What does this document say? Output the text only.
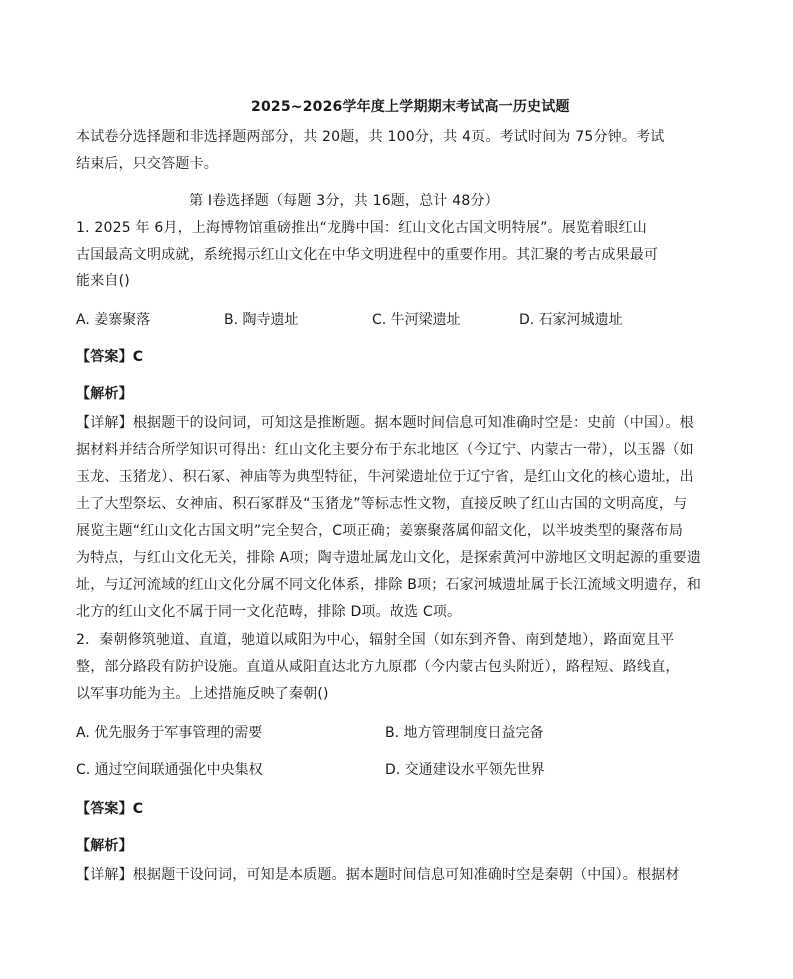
2025~2026学年度上学期期末考试高一历史试题
本试卷分选择题和非选择题两部分，共 20题，共 100分，共 4页。考试时间为 75分钟。考试
结束后，只交答题卡。
第 I卷选择题（每题 3分，共 16题，总计 48分）
1. 2025 年 6月，上海博物馆重磅推出“龙腾中国：红山文化古国文明特展”。展览着眼红山
古国最高文明成就，系统揭示红山文化在中华文明进程中的重要作用。其汇聚的考古成果最可
能来自()
A. 姜寨聚落	B. 陶寺遗址	C. 牛河梁遗址	D. 石家河城遗址
【答案】C
【解析】
【详解】根据题干的设问词，可知这是推断题。据本题时间信息可知准确时空是：史前（中国）。根
据材料并结合所学知识可得出：红山文化主要分布于东北地区（今辽宁、内蒙古一带），以玉器（如
玉龙、玉猪龙）、积石冢、神庙等为典型特征，牛河梁遗址位于辽宁省，是红山文化的核心遗址，出
土了大型祭坛、女神庙、积石冢群及“玉猪龙”等标志性文物，直接反映了红山古国的文明高度，与
展览主题“红山文化古国文明”完全契合，C项正确；姜寨聚落属仰韶文化，以半坡类型的聚落布局
为特点，与红山文化无关，排除 A项；陶寺遗址属龙山文化，是探索黄河中游地区文明起源的重要遗
址，与辽河流域的红山文化分属不同文化体系，排除 B项；石家河城遗址属于长江流域文明遗存，和
北方的红山文化不属于同一文化范畴，排除 D项。故选 C项。
2．秦朝修筑驰道、直道，驰道以咸阳为中心，辐射全国（如东到齐鲁、南到楚地），路面宽且平
整，部分路段有防护设施。直道从咸阳直达北方九原郡（今内蒙古包头附近），路程短、路线直，
以军事功能为主。上述措施反映了秦朝()
A. 优先服务于军事管理的需要	B. 地方管理制度日益完备
C. 通过空间联通强化中央集权	D. 交通建设水平领先世界
【答案】C
【解析】
【详解】根据题干设问词，可知是本质题。据本题时间信息可知准确时空是秦朝（中国）。根据材
